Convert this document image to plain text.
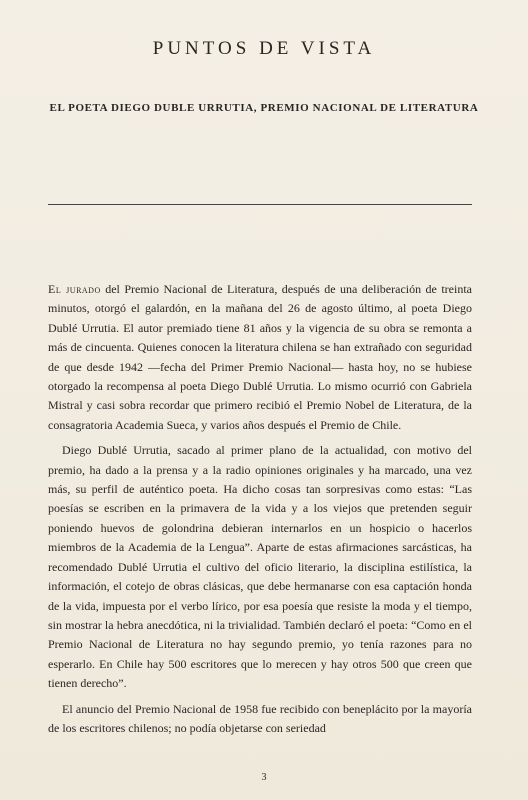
PUNTOS DE VISTA
EL POETA DIEGO DUBLE URRUTIA, PREMIO NACIONAL DE LITERATURA

El jurado del Premio Nacional de Literatura, después de una deliberación de treinta minutos, otorgó el galardón, en la mañana del 26 de agosto último, al poeta Diego Dublé Urrutia. El autor premiado tiene 81 años y la vigencia de su obra se remonta a más de cincuenta. Quienes conocen la literatura chilena se han extrañado con seguridad de que desde 1942 —fecha del Primer Premio Nacional— hasta hoy, no se hubiese otorgado la recompensa al poeta Diego Dublé Urrutia. Lo mismo ocurrió con Gabriela Mistral y casi sobra recordar que primero recibió el Premio Nobel de Literatura, de la consagratoria Academia Sueca, y varios años después el Premio de Chile.

Diego Dublé Urrutia, sacado al primer plano de la actualidad, con motivo del premio, ha dado a la prensa y a la radio opiniones originales y ha marcado, una vez más, su perfil de auténtico poeta. Ha dicho cosas tan sorpresivas como estas: “Las poesías se escriben en la primavera de la vida y a los viejos que pretenden seguir poniendo huevos de golondrina debieran internarlos en un hospicio o hacerlos miembros de la Academia de la Lengua”. Aparte de estas afirmaciones sarcásticas, ha recomendado Dublé Urrutia el cultivo del oficio literario, la disciplina estilística, la información, el cotejo de obras clásicas, que debe hermanarse con esa captación honda de la vida, impuesta por el verbo lírico, por esa poesía que resiste la moda y el tiempo, sin mostrar la hebra anecdótica, ni la trivialidad. También declaró el poeta: “Como en el Premio Nacional de Literatura no hay segundo premio, yo tenía razones para no esperarlo. En Chile hay 500 escritores que lo merecen y hay otros 500 que creen que tienen derecho”.

El anuncio del Premio Nacional de 1958 fue recibido con beneplácito por la mayoría de los escritores chilenos; no podía objetarse con seriedad

3
